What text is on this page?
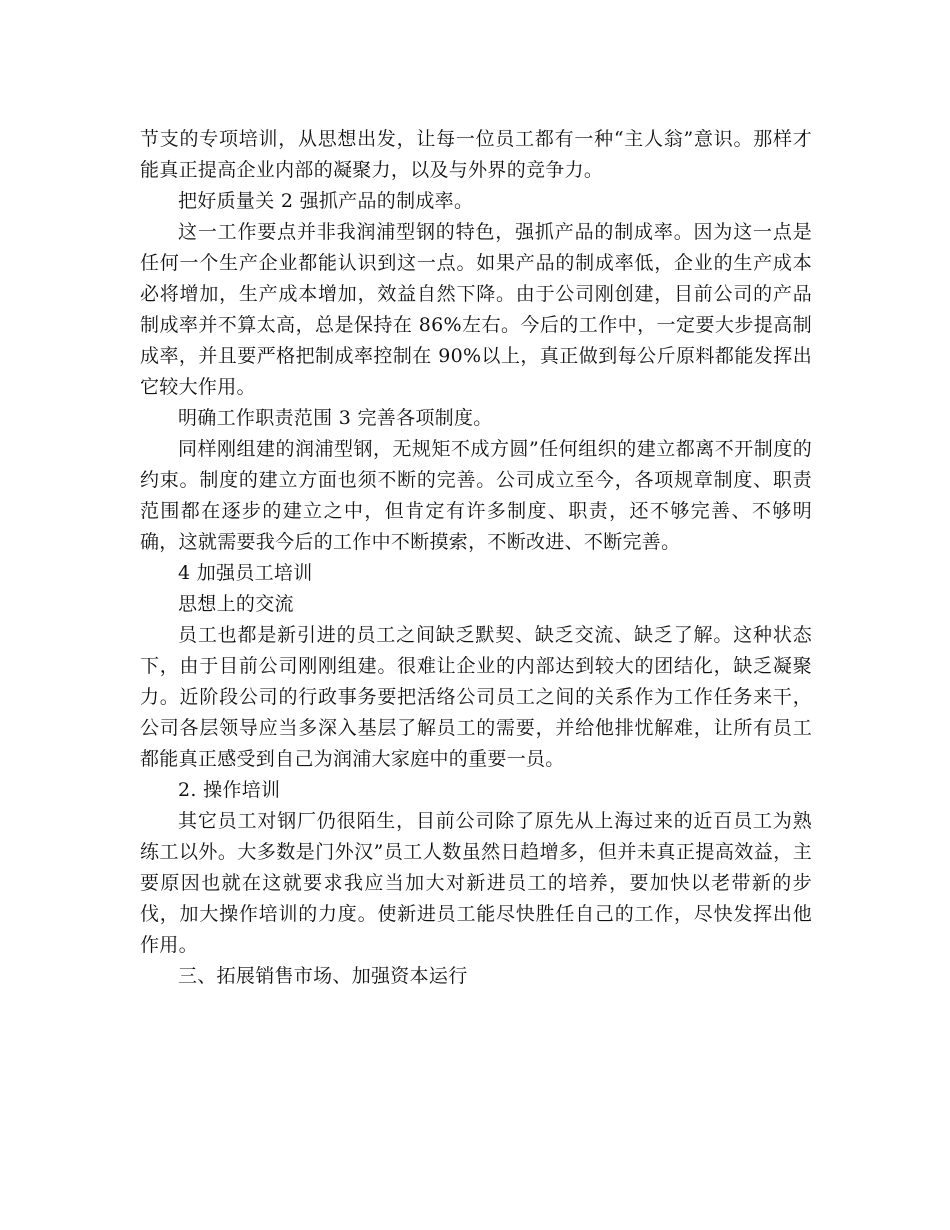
节支的专项培训，从思想出发，让每一位员工都有一种“主人翁”意识。那样才能真正提高企业内部的凝聚力，以及与外界的竞争力。

把好质量关 2 强抓产品的制成率。

这一工作要点并非我润浦型钢的特色，强抓产品的制成率。因为这一点是任何一个生产企业都能认识到这一点。如果产品的制成率低，企业的生产成本必将增加，生产成本增加，效益自然下降。由于公司刚创建，目前公司的产品制成率并不算太高，总是保持在 86%左右。今后的工作中，一定要大步提高制成率，并且要严格把制成率控制在 90%以上，真正做到每公斤原料都能发挥出它较大作用。

明确工作职责范围 3 完善各项制度。

同样刚组建的润浦型钢，无规矩不成方圆”任何组织的建立都离不开制度的约束。制度的建立方面也须不断的完善。公司成立至今，各项规章制度、职责范围都在逐步的建立之中，但肯定有许多制度、职责，还不够完善、不够明确，这就需要我今后的工作中不断摸索，不断改进、不断完善。

4 加强员工培训

思想上的交流

员工也都是新引进的员工之间缺乏默契、缺乏交流、缺乏了解。这种状态下，由于目前公司刚刚组建。很难让企业的内部达到较大的团结化，缺乏凝聚力。近阶段公司的行政事务要把活络公司员工之间的关系作为工作任务来干，公司各层领导应当多深入基层了解员工的需要，并给他排忧解难，让所有员工都能真正感受到自己为润浦大家庭中的重要一员。

2. 操作培训

其它员工对钢厂仍很陌生，目前公司除了原先从上海过来的近百员工为熟练工以外。大多数是门外汉”员工人数虽然日趋增多，但并未真正提高效益，主要原因也就在这就要求我应当加大对新进员工的培养，要加快以老带新的步伐，加大操作培训的力度。使新进员工能尽快胜任自己的工作，尽快发挥出他作用。

三、拓展销售市场、加强资本运行
